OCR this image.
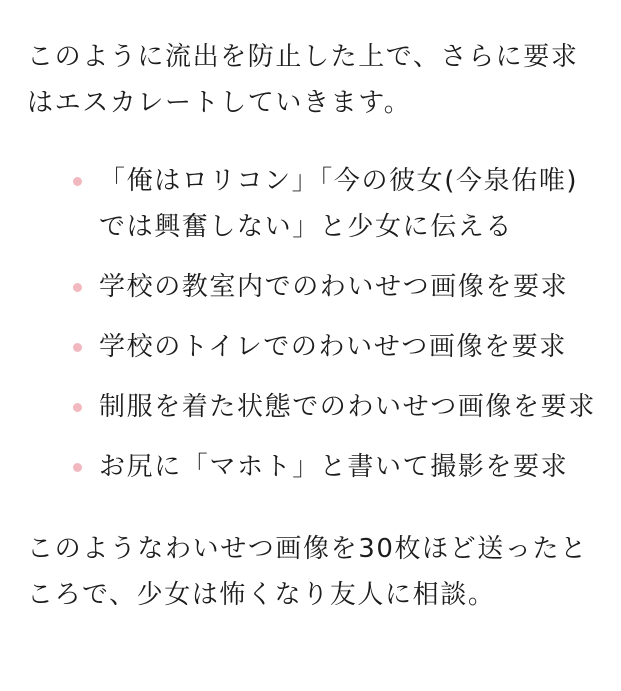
このように流出を防止した上で、さらに要求はエスカレートしていきます。

「俺はロリコン」「今の彼女(今泉佑唯)では興奮しない」と少女に伝える
学校の教室内でのわいせつ画像を要求
学校のトイレでのわいせつ画像を要求
制服を着た状態でのわいせつ画像を要求
お尻に「マホト」と書いて撮影を要求

このようなわいせつ画像を30枚ほど送ったところで、少女は怖くなり友人に相談。
